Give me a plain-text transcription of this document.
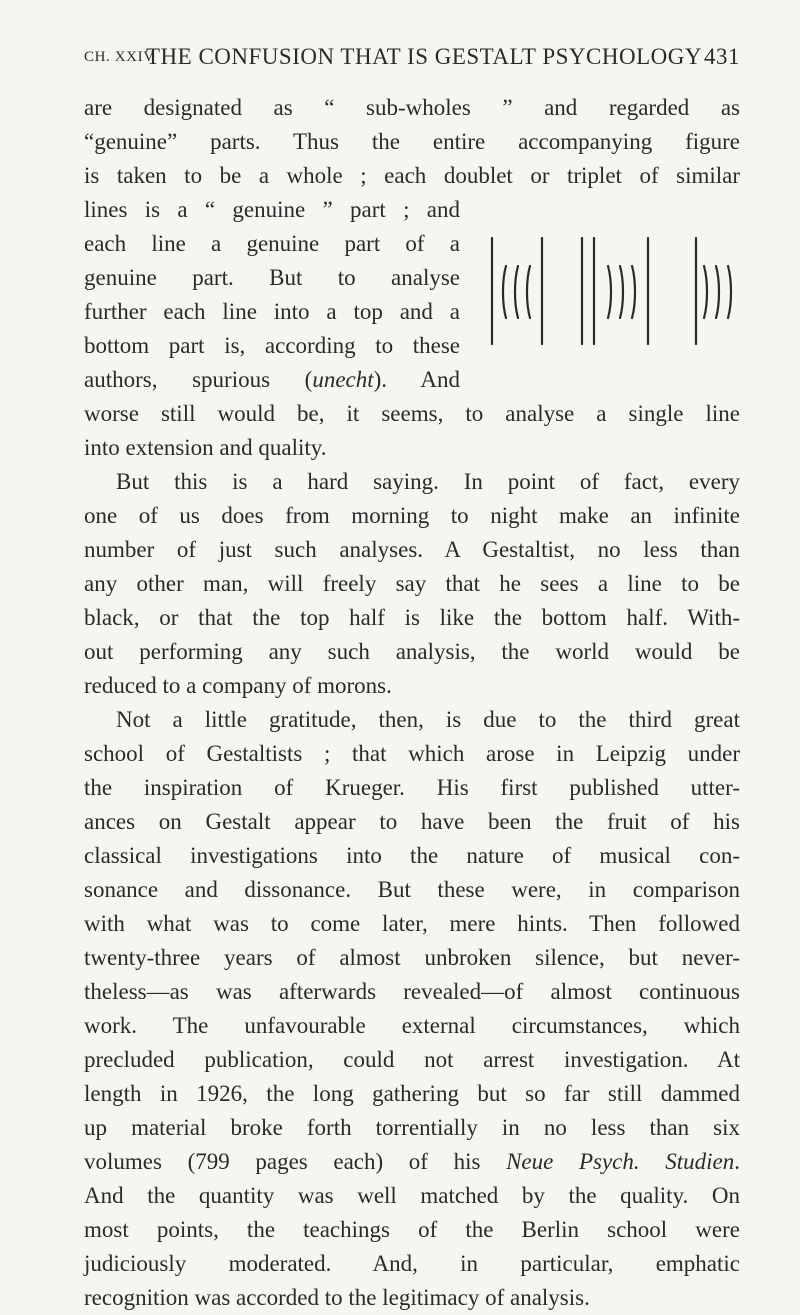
CH. XXIV
THE CONFUSION THAT IS GESTALT PSYCHOLOGY 431
are designated as “ sub-wholes ” and regarded as
“genuine” parts. Thus the entire accompanying figure
is taken to be a whole ; each doublet or triplet of similar
lines is a “ genuine ” part ; and
each line a genuine part of a
genuine part. But to analyse
further each line into a top and a
bottom part is, according to these
authors, spurious (unecht). And
worse still would be, it seems, to analyse a single line
into extension and quality.
But this is a hard saying. In point of fact, every
one of us does from morning to night make an infinite
number of just such analyses. A Gestaltist, no less than
any other man, will freely say that he sees a line to be
black, or that the top half is like the bottom half. With-
out performing any such analysis, the world would be
reduced to a company of morons.
Not a little gratitude, then, is due to the third great
school of Gestaltists ; that which arose in Leipzig under
the inspiration of Krueger. His first published utter-
ances on Gestalt appear to have been the fruit of his
classical investigations into the nature of musical con-
sonance and dissonance. But these were, in comparison
with what was to come later, mere hints. Then followed
twenty-three years of almost unbroken silence, but never-
theless—as was afterwards revealed—of almost continuous
work. The unfavourable external circumstances, which
precluded publication, could not arrest investigation. At
length in 1926, the long gathering but so far still dammed
up material broke forth torrentially in no less than six
volumes (799 pages each) of his Neue Psych. Studien.
And the quantity was well matched by the quality. On
most points, the teachings of the Berlin school were
judiciously moderated. And, in particular, emphatic
recognition was accorded to the legitimacy of analysis.
